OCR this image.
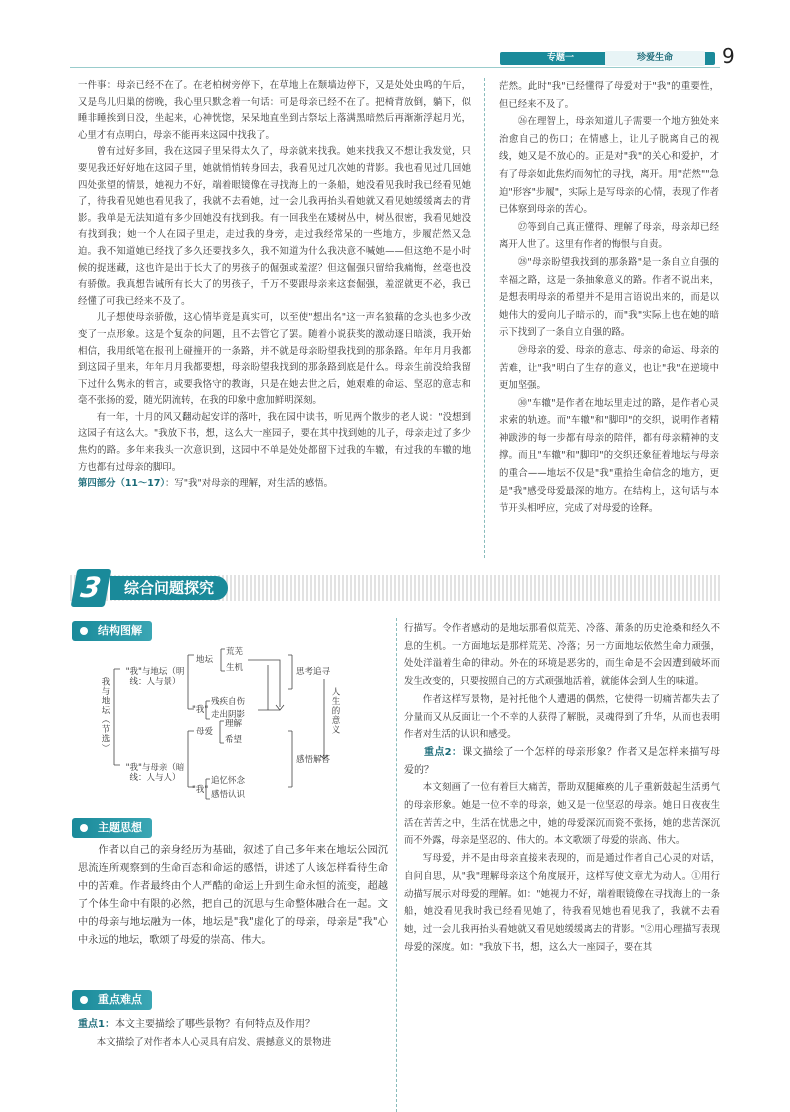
专题一	珍爱生命	9

一件事：母亲已经不在了。在老柏树旁停下，在草地上在颓墙边停下，又是处处虫鸣的午后，又是鸟儿归巢的傍晚，我心里只默念着一句话：可是母亲已经不在了。把椅背放倒，躺下，似睡非睡挨到日没，坐起来，心神恍惚，呆呆地直坐到古祭坛上落满黑暗然后再渐渐浮起月光，心里才有点明白，母亲不能再来这园中找我了。

曾有过好多回，我在这园子里呆得太久了，母亲就来找我。她来找我又不想让我发觉，只要见我还好好地在这园子里，她就悄悄转身回去，我看见过几次她的背影。我也看见过几回她四处张望的情景，她视力不好，端着眼镜像在寻找海上的一条船，她没看见我时我已经看见她了，待我看见她也看见我了，我就不去看她，过一会儿我再抬头看她就又看见她缓缓离去的背影。我单是无法知道有多少回她没有找到我。有一回我坐在矮树丛中，树丛很密，我看见她没有找到我；她一个人在园子里走，走过我的身旁，走过我经常呆的一些地方，步履茫然又急迫。我不知道她已经找了多久还要找多久，我不知道为什么我决意不喊她——但这绝不是小时候的捉迷藏，这也许是出于长大了的男孩子的倔强或羞涩？但这倔强只留给我痛悔，丝毫也没有骄傲。我真想告诫所有长大了的男孩子，千万不要跟母亲来这套倔强，羞涩就更不必，我已经懂了可我已经来不及了。

儿子想使母亲骄傲，这心情毕竟是真实可，以至使"想出名"这一声名狼藉的念头也多少改变了一点形象。这是个复杂的问题，且不去管它了罢。随着小说获奖的激动逐日暗淡，我开始相信，我用纸笔在报刊上碰撞开的一条路，并不就是母亲盼望我找到的那条路。年年月月我都到这园子里来，年年月月我都要想，母亲盼望我找到的那条路到底是什么。母亲生前没给我留下过什么隽永的哲言，或要我恪守的教诲，只是在她去世之后，她艰难的命运、坚忍的意志和毫不张扬的爱，随光阴流转，在我的印象中愈加鲜明深刻。

有一年，十月的风又翻动起安详的落叶，我在园中读书，听见两个散步的老人说："没想到这园子有这么大。"我放下书，想，这么大一座园子，要在其中找到她的儿子，母亲走过了多少焦灼的路。多年来我头一次意识到，这园中不单是处处都留下过我的车辙，有过我的车辙的地方也都有过母亲的脚印。

第四部分（11～17）：写"我"对母亲的理解，对生活的感悟。

茫然。此时"我"已经懂得了母爱对于"我"的重要性，但已经来不及了。

㉖在理智上，母亲知道儿子需要一个地方独处来治愈自己的伤口；在情感上，让儿子脱离自己的视线，她又是不放心的。正是对"我"的关心和爱护，才有了母亲如此焦灼而匆忙的寻找，离开。用"茫然""急迫"形容"步履"，实际上是写母亲的心情，表现了作者已体察到母亲的苦心。

㉗等到自己真正懂得、理解了母亲，母亲却已经离开人世了。这里有作者的悔恨与自责。

㉘"母亲盼望我找到的那条路"是一条自立自强的幸福之路，这是一条抽象意义的路。作者不说出来，是想表明母亲的希望并不是用言语说出来的，而是以她伟大的爱向儿子暗示的，而"我"实际上也在她的暗示下找到了一条自立自强的路。

㉙母亲的爱、母亲的意志、母亲的命运、母亲的苦难，让"我"明白了生存的意义，也让"我"在逆境中更加坚强。

㉚"车辙"是作者在地坛里走过的路，是作者心灵求索的轨迹。而"车辙"和"脚印"的交织，说明作者精神跋涉的每一步都有母亲的陪伴，都有母亲精神的支撑。而且"车辙"和"脚印"的交织还象征着地坛与母亲的重合——地坛不仅是"我"重拾生命信念的地方，更是"我"感受母爱最深的地方。在结构上，这句话与本节开头相呼应，完成了对母爱的诠释。

3	综合问题探究
结构图解
我与地坛（节选）
"我"与地坛（明线：人与景）
"我"与母亲（暗线：人与人）
地坛
荒芜
生机
"我"
残疾自伤
走出阴影
母爱
理解
希望
"我"
追忆怀念
感悟认识
思考追寻
人生的意义
感悟解答
主题思想

作者以自己的亲身经历为基础，叙述了自己多年来在地坛公园沉思流连所观察到的生命百态和命运的感悟，讲述了人该怎样看待生命中的苦难。作者最终由个人严酷的命运上升到生命永恒的流变，超越了个体生命中有限的必然，把自己的沉思与生命整体融合在一起。文中的母亲与地坛融为一体，地坛是"我"虚化了的母亲，母亲是"我"心中永远的地坛，歌颂了母爱的崇高、伟大。

重点难点

重点1：本文主要描绘了哪些景物？有何特点及作用？

本文描绘了对作者本人心灵具有启发、震撼意义的景物进

行描写。令作者感动的是地坛那看似荒芜、冷落、萧条的历史沧桑和经久不息的生机。一方面地坛是那样荒芜、冷落；另一方面地坛依然生命力顽强，处处洋溢着生命的律动。外在的环境是恶劣的，而生命是不会因遭到破坏而发生改变的，只要按照自己的方式顽强地活着，就能体会到人生的味道。

作者这样写景物，是衬托他个人遭遇的偶然，它使得一切痛苦都失去了分量而又从反面让一个不幸的人获得了解脱，灵魂得到了升华，从而也表明作者对生活的认识和感受。

重点2：课文描绘了一个怎样的母亲形象？作者又是怎样来描写母爱的？

本文刻画了一位有着巨大痛苦，帮助双腿瘫痪的儿子重新鼓起生活勇气的母亲形象。她是一位不幸的母亲，她又是一位坚忍的母亲。她日日夜夜生活在苦苦之中，生活在忧患之中，她的母爱深沉而瓷不张扬，她的悲苦深沉而不外露，母亲是坚忍的、伟大的。本文歌颂了母爱的崇高、伟大。

写母爱，并不是由母亲直接来表现的，而是通过作者自己心灵的对话，自问自思，从"我"理解母亲这个角度展开，这样写使文章尤为动人。①用行动描写展示对母爱的理解。如："她视力不好，端着眼镜像在寻找海上的一条船，她没看见我时我已经看见她了，待我看见她也看见我了，我就不去看她，过一会儿我再抬头看她就又看见她缓缓离去的背影。"②用心理描写表现母爱的深度。如："我放下书，想，这么大一座园子，要在其
